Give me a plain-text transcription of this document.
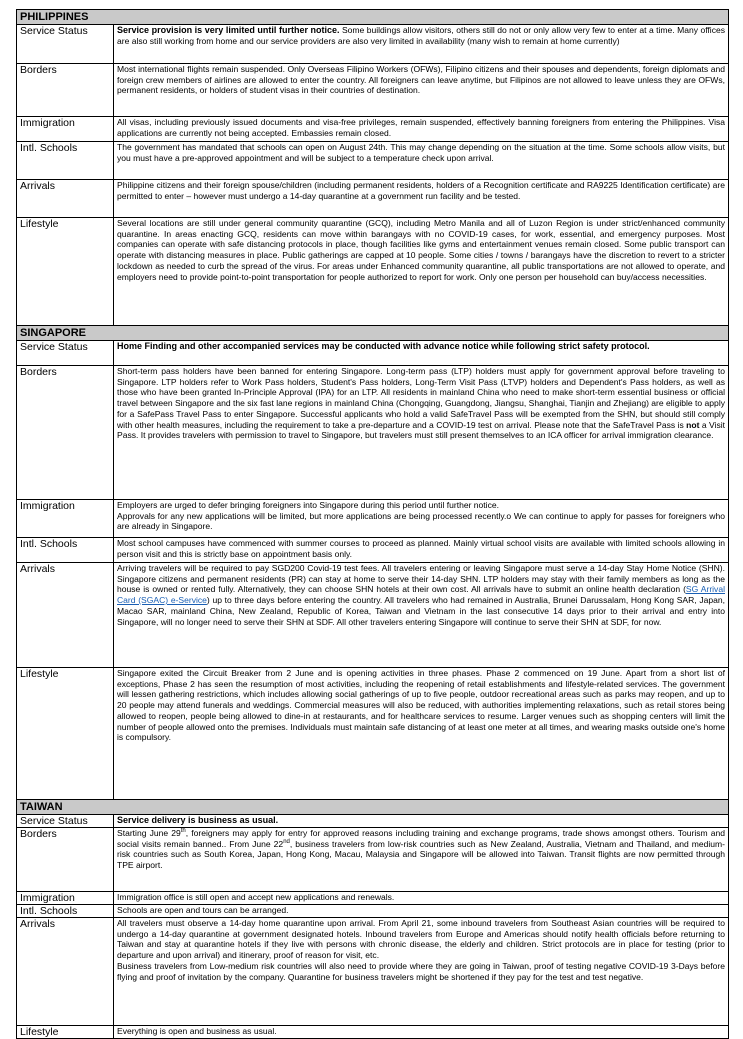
PHILIPPINES	
Service Status	Service provision is very limited until further notice. Some buildings allow visitors, others still do not or only allow very few to enter at a time. Many offices are also still working from home and our service providers are also very limited in availability (many wish to remain at home currently)
Borders	Most international flights remain suspended. Only Overseas Filipino Workers (OFWs), Filipino citizens and their spouses and dependents, foreign diplomats and foreign crew members of airlines are allowed to enter the country. All foreigners can leave anytime, but Filipinos are not allowed to leave unless they are OFWs, permanent residents, or holders of student visas in their countries of destination.
Immigration	All visas, including previously issued documents and visa-free privileges, remain suspended, effectively banning foreigners from entering the Philippines. Visa applications are currently not being accepted. Embassies remain closed.
Intl. Schools	The government has mandated that schools can open on August 24th. This may change depending on the situation at the time. Some schools allow visits, but you must have a pre-approved appointment and will be subject to a temperature check upon arrival.
Arrivals	Philippine citizens and their foreign spouse/children (including permanent residents, holders of a Recognition certificate and RA9225 Identification certificate) are permitted to enter – however must undergo a 14-day quarantine at a government run facility and be tested.
Lifestyle	Several locations are still under general community quarantine (GCQ), including Metro Manila and all of Luzon Region is under strict/enhanced community quarantine. In areas enacting GCQ, residents can move within barangays with no COVID-19 cases, for work, essential, and emergency purposes. Most companies can operate with safe distancing protocols in place, though facilities like gyms and entertainment venues remain closed. Some public transport can operate with distancing measures in place. Public gatherings are capped at 10 people. Some cities / towns / barangays have the discretion to revert to a stricter lockdown as needed to curb the spread of the virus. For areas under Enhanced community quarantine, all public transportations are not allowed to operate, and employers need to provide point-to-point transportation for people authorized to report for work. Only one person per household can buy/access necessities.
SINGAPORE	
Service Status	Home Finding and other accompanied services may be conducted with advance notice while following strict safety protocol.
Borders	Short-term pass holders have been banned for entering Singapore. Long-term pass (LTP) holders must apply for government approval before traveling to Singapore. LTP holders refer to Work Pass holders, Student's Pass holders, Long-Term Visit Pass (LTVP) holders and Dependent's Pass holders, as well as those who have been granted In-Principle Approval (IPA) for an LTP. All residents in mainland China who need to make short-term essential business or official travel between Singapore and the six fast lane regions in mainland China (Chongqing, Guangdong, Jiangsu, Shanghai, Tianjin and Zhejiang) are eligible to apply for a SafePass Travel Pass to enter Singapore. Successful applicants who hold a valid SafeTravel Pass will be exempted from the SHN, but should still comply with other health measures, including the requirement to take a pre-departure and a COVID-19 test on arrival. Please note that the SafeTravel Pass is not a Visit Pass. It provides travelers with permission to travel to Singapore, but travelers must still present themselves to an ICA officer for arrival immigration clearance.
Immigration	Employers are urged to defer bringing foreigners into Singapore during this period until further notice.
Approvals for any new applications will be limited, but more applications are being processed recently.o We can continue to apply for passes for foreigners who are already in Singapore.

Intl. Schools	Most school campuses have commenced with summer courses to proceed as planned. Mainly virtual school visits are available with limited schools allowing in person visit and this is strictly base on appointment basis only.
Arrivals	Arriving travelers will be required to pay SGD200 Covid-19 test fees. All travelers entering or leaving Singapore must serve a 14-day Stay Home Notice (SHN). Singapore citizens and permanent residents (PR) can stay at home to serve their 14-day SHN. LTP holders may stay with their family members as long as the house is owned or rented fully. Alternatively, they can choose SHN hotels at their own cost. All arrivals have to submit an online health declaration (SG Arrival Card (SGAC) e-Service) up to three days before entering the country. All travelers who had remained in Australia, Brunei Darussalam, Hong Kong SAR, Japan, Macao SAR, mainland China, New Zealand, Republic of Korea, Taiwan and Vietnam in the last consecutive 14 days prior to their arrival and entry into Singapore, will no longer need to serve their SHN at SDF. All other travelers entering Singapore will continue to serve their SHN at SDF, for now.
Lifestyle	Singapore exited the Circuit Breaker from 2 June and is opening activities in three phases. Phase 2 commenced on 19 June. Apart from a short list of exceptions, Phase 2 has seen the resumption of most activities, including the reopening of retail establishments and lifestyle-related services. The government will lessen gathering restrictions, which includes allowing social gatherings of up to five people, outdoor recreational areas such as parks may reopen, and up to 20 people may attend funerals and weddings. Commercial measures will also be reduced, with authorities implementing relaxations, such as retail stores being allowed to reopen, people being allowed to dine-in at restaurants, and for healthcare services to resume. Larger venues such as shopping centers will limit the number of people allowed onto the premises. Individuals must maintain safe distancing of at least one meter at all times, and wearing masks outside one's home is compulsory.
TAIWAN	
Service Status	Service delivery is business as usual.
Borders	Starting June 29th, foreigners may apply for entry for approved reasons including training and exchange programs, trade shows amongst others. Tourism and social visits remain banned.. From June 22nd, business travelers from low-risk countries such as New Zealand, Australia, Vietnam and Thailand, and medium-risk countries such as South Korea, Japan, Hong Kong, Macau, Malaysia and Singapore will be allowed into Taiwan. Transit flights are now permitted through TPE airport.
Immigration	Immigration office is still open and accept new applications and renewals.
Intl. Schools	Schools are open and tours can be arranged.
Arrivals	All travelers must observe a 14-day home quarantine upon arrival. From April 21, some inbound travelers from Southeast Asian countries will be required to undergo a 14-day quarantine at government designated hotels. Inbound travelers from Europe and Americas should notify health officials before returning to Taiwan and stay at quarantine hotels if they live with persons with chronic disease, the elderly and children. Strict protocols are in place for testing (prior to departure and upon arrival) and itinerary, proof of reason for visit, etc.
Business travelers from Low-medium risk countries will also need to provide where they are going in Taiwan, proof of testing negative COVID-19 3-Days before flying and proof of invitation by the company. Quarantine for business travelers might be shortened if they pay for the test and test negative.

Lifestyle	Everything is open and business as usual.
